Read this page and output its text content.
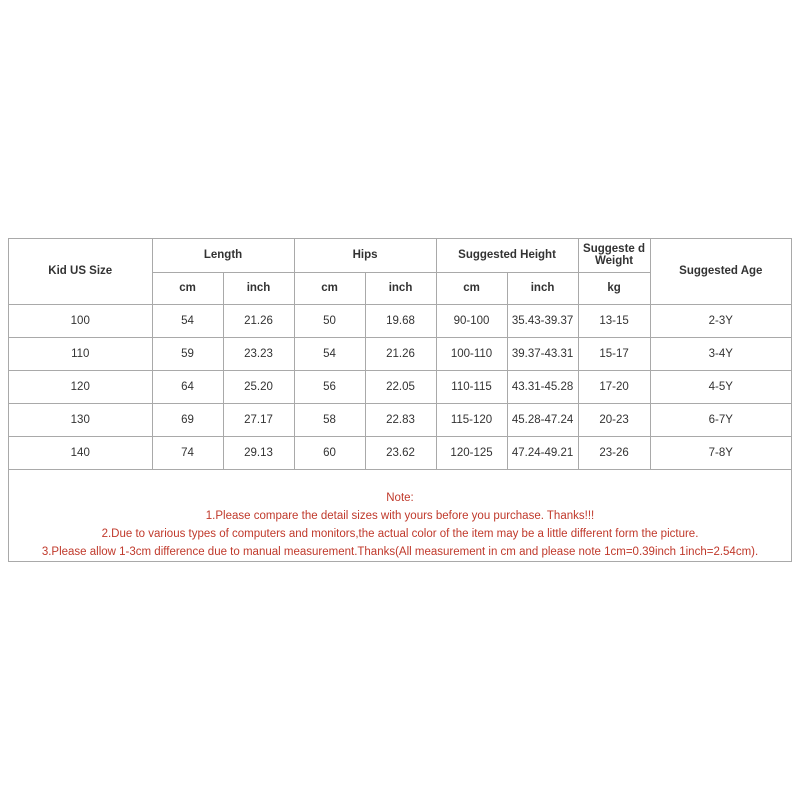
Kid US Size	Length		Hips		Suggested Height		Suggeste d Weight	Suggested Age
	cm	inch	cm	inch	cm	inch	kg	
100	54	21.26	50	19.68	90-100	35.43-39.37	13-15	2-3Y
110	59	23.23	54	21.26	100-110	39.37-43.31	15-17	3-4Y
120	64	25.20	56	22.05	110-115	43.31-45.28	17-20	4-5Y
130	69	27.17	58	22.83	115-120	45.28-47.24	20-23	6-7Y
140	74	29.13	60	23.62	120-125	47.24-49.21	23-26	7-8Y
Note:
1.Please compare the detail sizes with yours before you purchase. Thanks!!!
2.Due to various types of computers and monitors,the actual color of the item may be a little different form the picture.
3.Please allow 1-3cm difference due to manual measurement.Thanks(All measurement in cm and please note 1cm=0.39inch 1inch=2.54cm).
